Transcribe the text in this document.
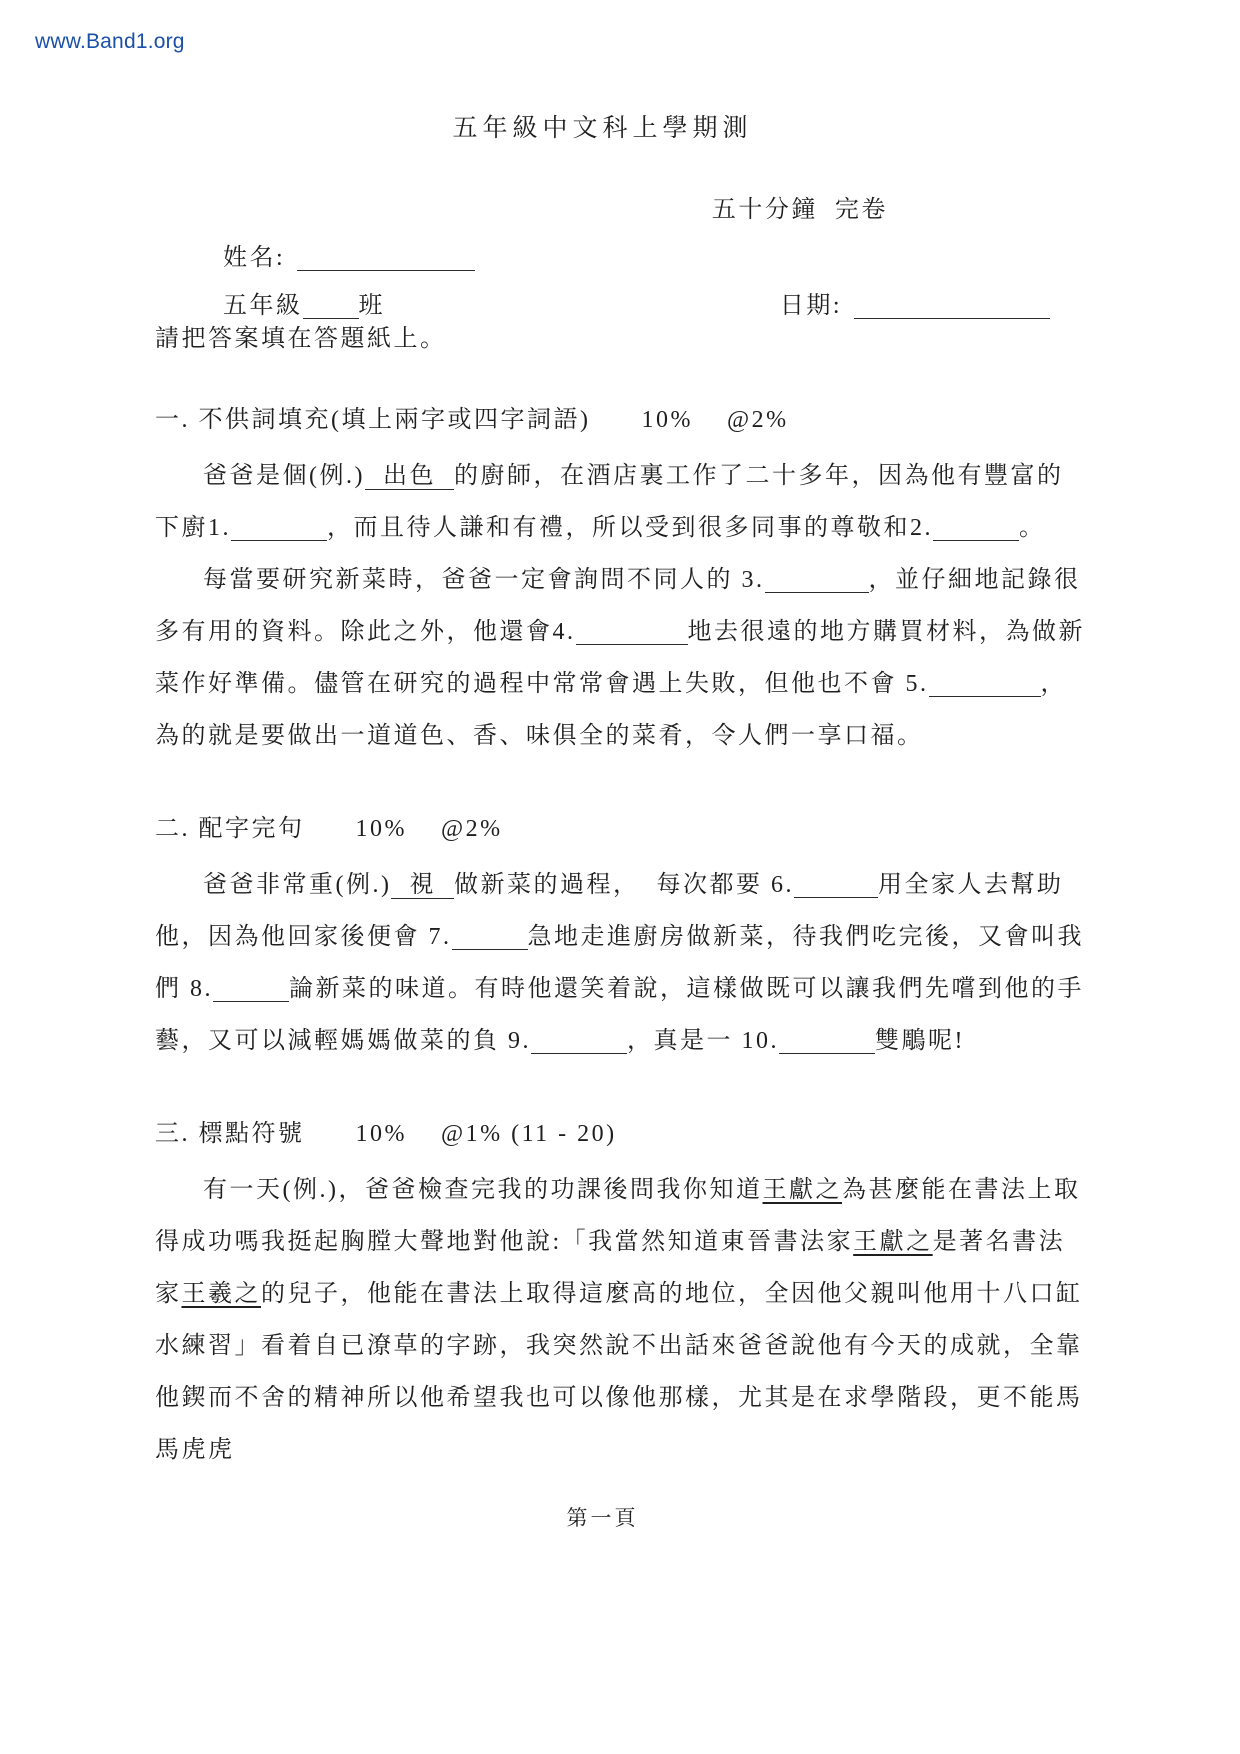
www.Band1.org
五年級中文科上學期測

姓名:

五年級 班

五十分鐘  完卷

日期:

請把答案填在答題紙上。
一. 不供詞填充(填上兩字或四字詞語)      10%    @2%
爸爸是個(例.) 出色 的廚師，在酒店裏工作了二十多年，因為他有豐富的
下廚1.	，而且待人謙和有禮，所以受到很多同事的尊敬和2.	。
每當要研究新菜時，爸爸一定會詢問不同人的 3.	，並仔細地記錄很
多有用的資料。除此之外，他還會4.	地去很遠的地方購買材料，為做新
菜作好準備。儘管在研究的過程中常常會遇上失敗，但他也不會 5.	，
為的就是要做出一道道色、香、味俱全的菜肴，令人們一享口福。
二. 配字完句      10%    @2%
爸爸非常重(例.) 視 做新菜的過程，  每次都要 6.	用全家人去幫助
他，因為他回家後便會 7.	急地走進廚房做新菜，待我們吃完後，又會叫我
們 8.	論新菜的味道。有時他還笑着說，這樣做既可以讓我們先嚐到他的手
藝，又可以減輕媽媽做菜的負 9.	，真是一 10.	雙鵰呢!
三. 標點符號      10%    @1% (11 - 20)
有一天(例.)，爸爸檢查完我的功課後問我你知道王獻之為甚麼能在書法上取
得成功嗎我挺起胸膛大聲地對他說:「我當然知道東晉書法家王獻之是著名書法
家王羲之的兒子，他能在書法上取得這麼高的地位，全因他父親叫他用十八口缸
水練習」看着自已潦草的字跡，我突然說不出話來爸爸說他有今天的成就，全靠
他鍥而不舍的精神所以他希望我也可以像他那樣，尤其是在求學階段，更不能馬
馬虎虎
第一頁
